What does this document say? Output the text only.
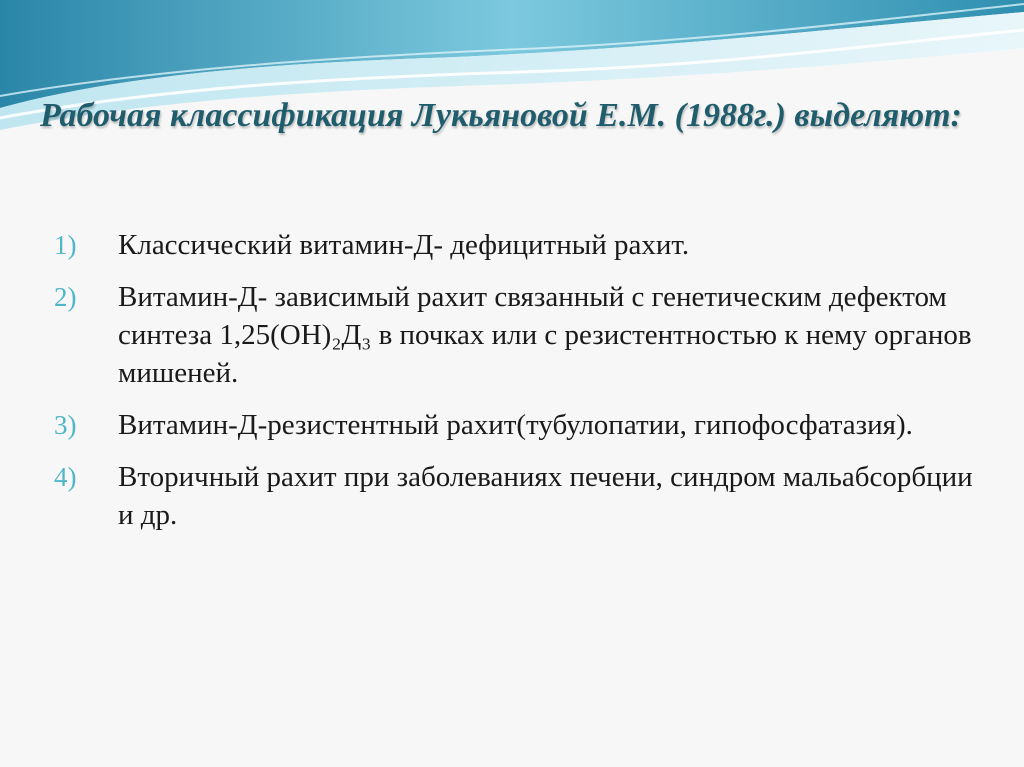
Рабочая классификация Лукьяновой Е.М. (1988г.) выделяют:
1)	Классический витамин-Д- дефицитный рахит.
2)	Витамин-Д- зависимый рахит связанный с генетическим дефектом синтеза 1,25(OH)₂Д₃ в почках или с резистентностью к нему органов мишеней.
3)	Витамин-Д-резистентный рахит(тубулопатии, гипофосфатазия).
4)	Вторичный рахит при заболеваниях печени, синдром мальабсорбции и др.
